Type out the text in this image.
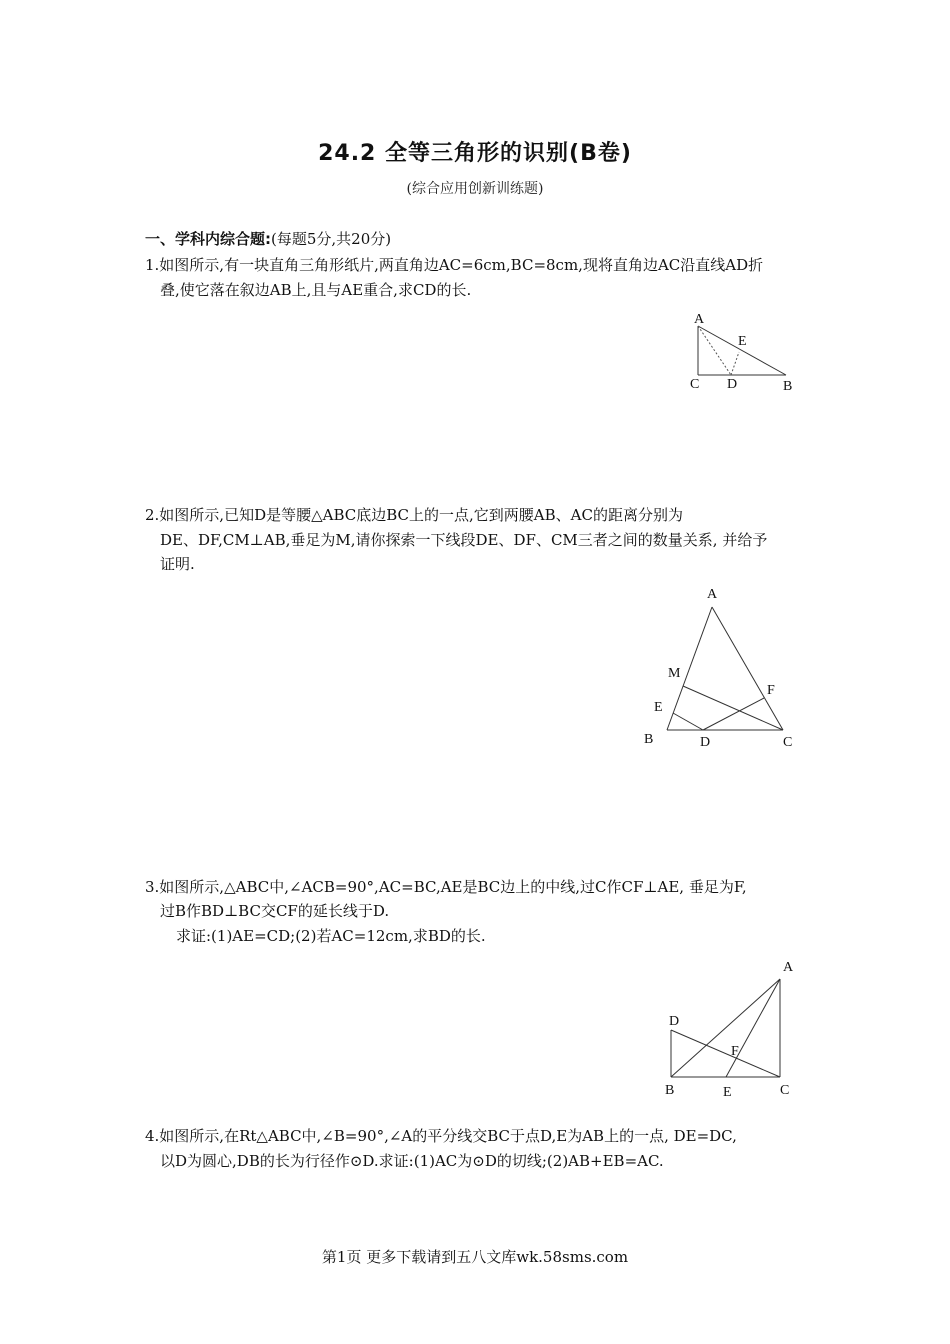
24.2 全等三角形的识别(B卷)
(综合应用创新训练题)
一、学科内综合题:(每题5分,共20分)
1.如图所示,有一块直角三角形纸片,两直角边AC=6cm,BC=8cm,现将直角边AC沿直线AD折
叠,使它落在叙边AB上,且与AE重合,求CD的长.
A
E
C D	B
2.如图所示,已知D是等腰△ABC底边BC上的一点,它到两腰AB、AC的距离分别为
DE、DF,CM⊥AB,垂足为M,请你探索一下线段DE、DF、CM三者之间的数量关系, 并给予
证明.
A
M
F
E
B	D	C
3.如图所示,△ABC中,∠ACB=90°,AC=BC,AE是BC边上的中线,过C作CF⊥AE, 垂足为F,
过B作BD⊥BC交CF的延长线于D.
求证:(1)AE=CD;(2)若AC=12cm,求BD的长.
A
D
F
B	E	C
4.如图所示,在Rt△ABC中,∠B=90°,∠A的平分线交BC于点D,E为AB上的一点, DE=DC,
以D为圆心,DB的长为行径作⊙D.求证:(1)AC为⊙D的切线;(2)AB+EB=AC.
第1页 更多下载请到五八文库wk.58sms.com
